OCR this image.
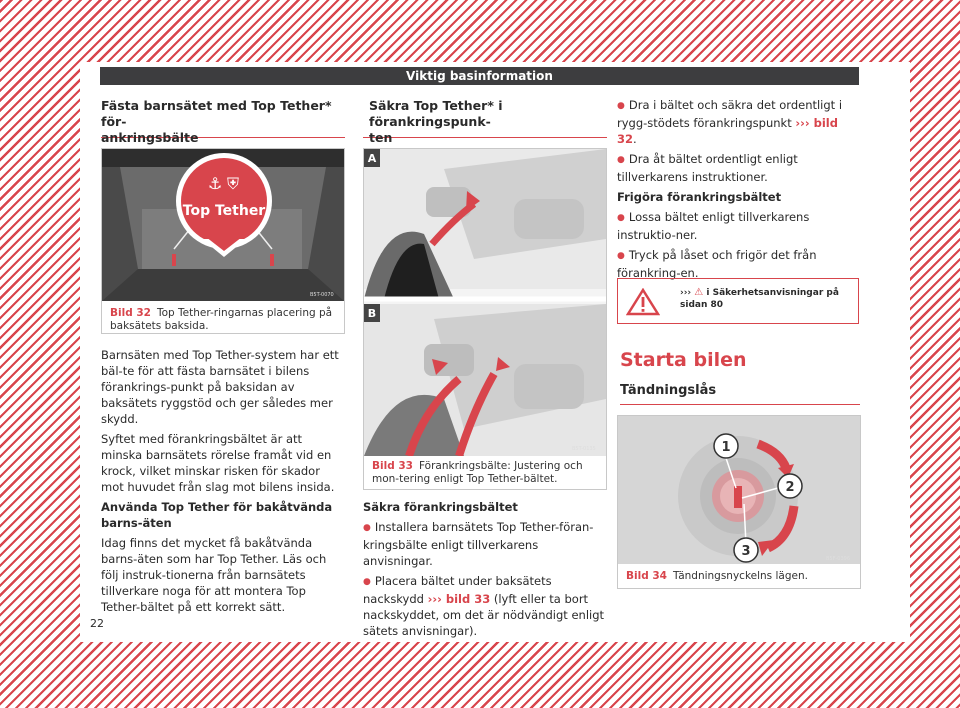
Viktig basinformation
Fästa barnsätet med Top Tether* för-
ankringsbälte
⚓ ⛨
Top Tether
B5T-0070
Bild 32 Top Tether-ringarnas placering på baksätets baksida.

Barnsäten med Top Tether-system har ett bäl-te för att fästa barnsätet i bilens förankrings-punkt på baksidan av baksätets ryggstöd och ger således mer skydd.

Syftet med förankringsbältet är att minska barnsätets rörelse framåt vid en krock, vilket minskar risken för skador mot huvudet från slag mot bilens insida.

Använda Top Tether för bakåtvända barns-äten

Idag finns det mycket få bakåtvända barns-äten som har Top Tether. Läs och följ instruk-tionerna från barnsätets tillverkare noga för att montera Top Tether-bältet på ett korrekt sätt.

Säkra Top Tether* i förankringspunk-
ten
A
B
B5T-0135
Bild 33 Förankringsbälte: Justering och mon-tering enligt Top Tether-bältet.

Säkra förankringsbältet

● Installera barnsätets Top Tether-föran-kringsbälte enligt tillverkarens anvisningar.

● Placera bältet under baksätets nackskydd ››› bild 33 (lyft eller ta bort nackskyddet, om det är nödvändigt enligt sätets anvisningar).

● Dra i bältet och säkra det ordentligt i rygg-stödets förankringspunkt ››› bild 32.

● Dra åt bältet ordentligt enligt tillverkarens instruktioner.

Frigöra förankringsbältet

● Lossa bältet enligt tillverkarens instruktio-ner.

● Tryck på låset och frigör det från förankring-en.

››› ⚠ i Säkerhetsanvisningar på
sidan 80
Starta bilen
Tändningslås
1
2
3	B5F-0396
Bild 34 Tändningsnyckelns lägen.
22
